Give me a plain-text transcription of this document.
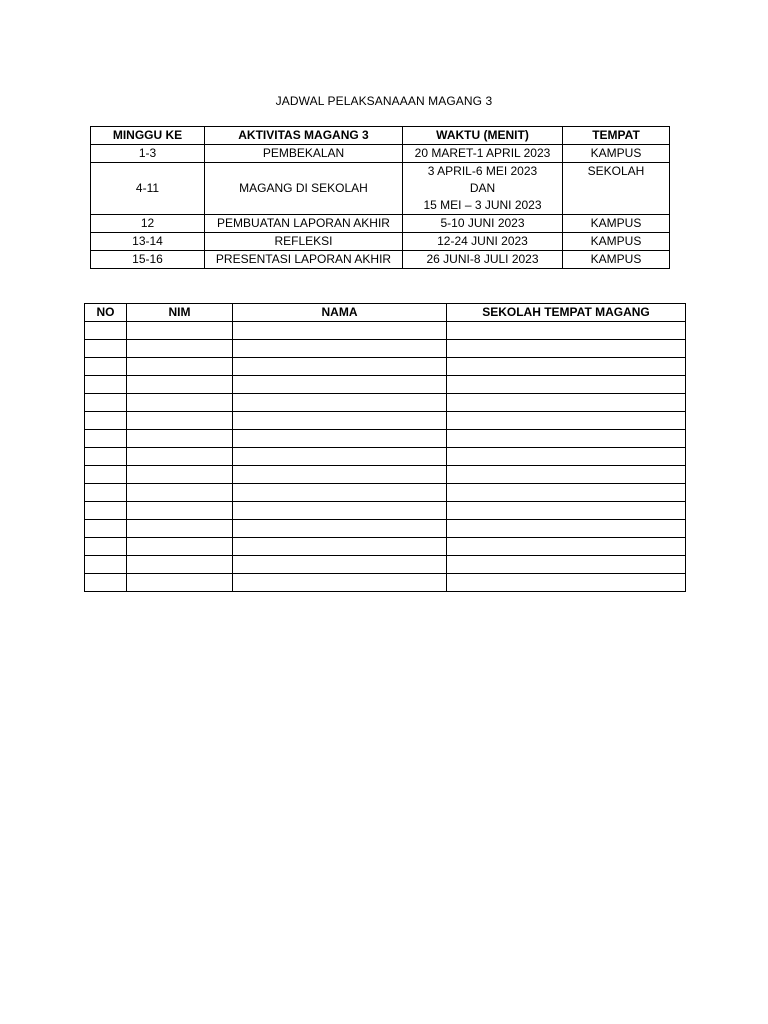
JADWAL PELAKSANAAAN MAGANG 3
MINGGU KE	AKTIVITAS MAGANG 3	WAKTU (MENIT)	TEMPAT
1-3	PEMBEKALAN	20 MARET-1 APRIL 2023	KAMPUS
4-11	MAGANG DI SEKOLAH	3 APRIL-6 MEI 2023
DAN
15 MEI – 3 JUNI 2023	SEKOLAH
12	PEMBUATAN LAPORAN AKHIR	5-10 JUNI 2023	KAMPUS
13-14	REFLEKSI	12-24 JUNI 2023	KAMPUS
15-16	PRESENTASI LAPORAN AKHIR	26 JUNI-8 JULI 2023	KAMPUS
NO	NIM	NAMA	SEKOLAH TEMPAT MAGANG
